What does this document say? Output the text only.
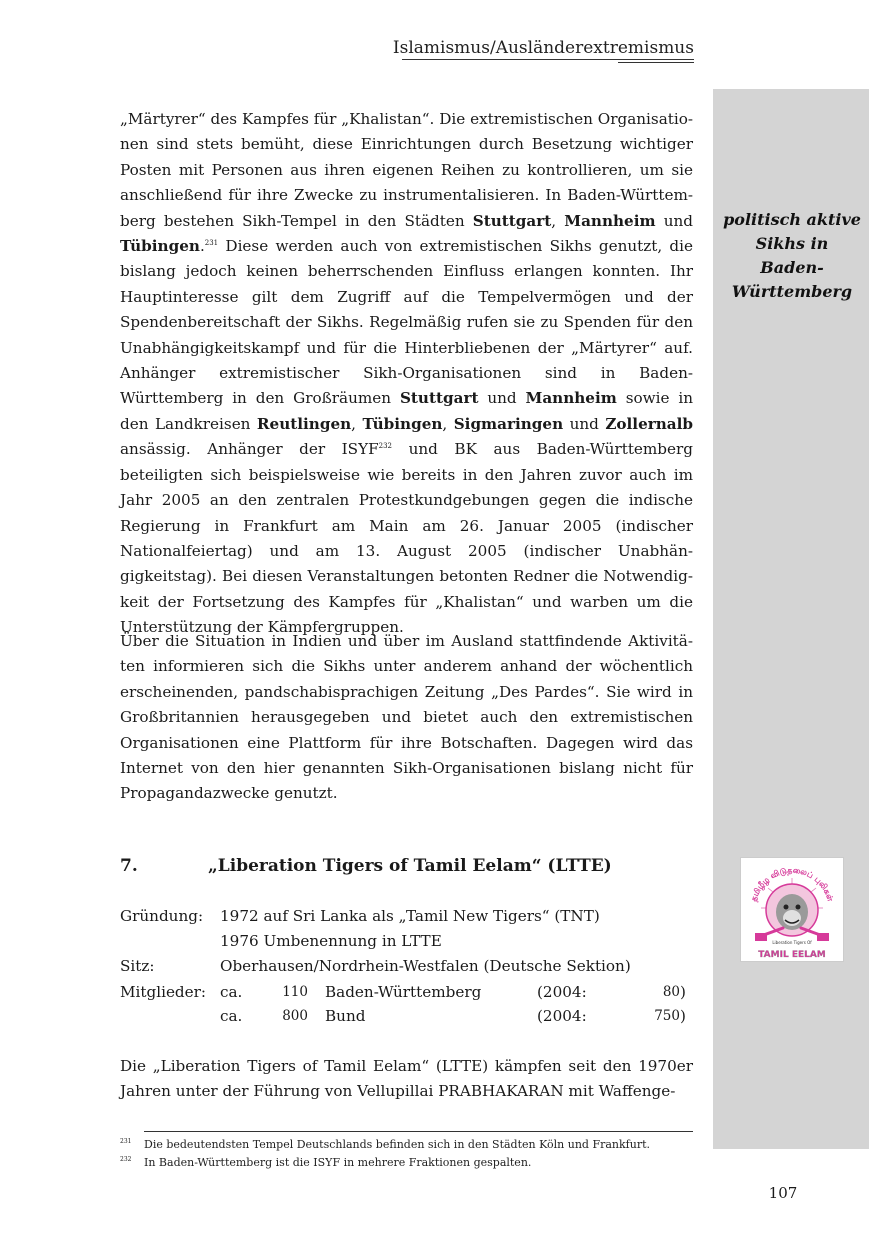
Islamismus/Ausländerextremismus
politisch aktive
Sikhs in Baden-
Württemberg

„Märtyrer“ des Kampfes für „Khalistan“. Die extremistischen Organisationen sind stets bemüht, diese Einrichtungen durch Besetzung wichtiger Posten mit Personen aus ihren eigenen Reihen zu kontrollieren, um sie anschließend für ihre Zwecke zu instrumentalisieren. In Baden-Württemberg bestehen Sikh-Tempel in den Städten Stuttgart, Mannheim und Tübingen.$^{231}$ Diese werden auch von extremistischen Sikhs genutzt, die bislang jedoch keinen beherrschenden Einfluss erlangen konnten. Ihr Hauptinteresse gilt dem Zugriff auf die Tempelvermögen und der Spendenbereitschaft der Sikhs. Regelmäßig rufen sie zu Spenden für den Unabhängigkeitskampf und für die Hinterbliebenen der „Märtyrer“ auf. Anhänger extremistischer Sikh-Organisationen sind in Baden-Württemberg in den Großräumen Stuttgart und Mannheim sowie in den Landkreisen Reutlingen, Tübingen, Sigmaringen und Zollernalb ansässig. Anhänger der ISYF$^{232}$ und BK aus Baden-Württemberg beteiligten sich beispielsweise wie bereits in den Jahren zuvor auch im Jahr 2005 an den zentralen Protestkundgebungen gegen die indische Regierung in Frankfurt am Main am 26. Januar 2005 (indischer Nationalfeiertag) und am 13. August 2005 (indischer Unabhängigkeitstag). Bei diesen Veranstaltungen betonten Redner die Notwendigkeit der Fortsetzung des Kampfes für „Khalistan“ und warben um die Unterstützung der Kämpfergruppen.

Über die Situation in Indien und über im Ausland stattfindende Aktivitäten informieren sich die Sikhs unter anderem anhand der wöchentlich erscheinenden, pandschabisprachigen Zeitung „Des Pardes“. Sie wird in Großbritannien herausgegeben und bietet auch den extremistischen Organisationen eine Plattform für ihre Botschaften. Dagegen wird das Internet von den hier genannten Sikh-Organisationen bislang nicht für Propagandazwecke genutzt.

7.	„Liberation Tigers of Tamil Eelam“ (LTTE)
Gründung: 1972 auf Sri Lanka als „Tamil New Tigers“ (TNT)
1976 Umbenennung in LTTE
Sitz:	Oberhausen/Nordrhein-Westfalen (Deutsche Sektion)
Mitglieder: ca.	110 Baden-Württemberg	(2004:	80 )
ca.	800 Bund	(2004:	750 )

Die „Liberation Tigers of Tamil Eelam“ (LTTE) kämpfen seit den 1970er Jahren unter der Führung von Vellupillai PRABHAKARAN mit Waffenge-

தமிழீழ விடுதலைப் புலிகள்
Liberation Tigers Of
TAMIL EELAM
231 Die bedeutendsten Tempel Deutschlands befinden sich in den Städten Köln und Frankfurt.
232 In Baden-Württemberg ist die ISYF in mehrere Fraktionen gespalten.
107
